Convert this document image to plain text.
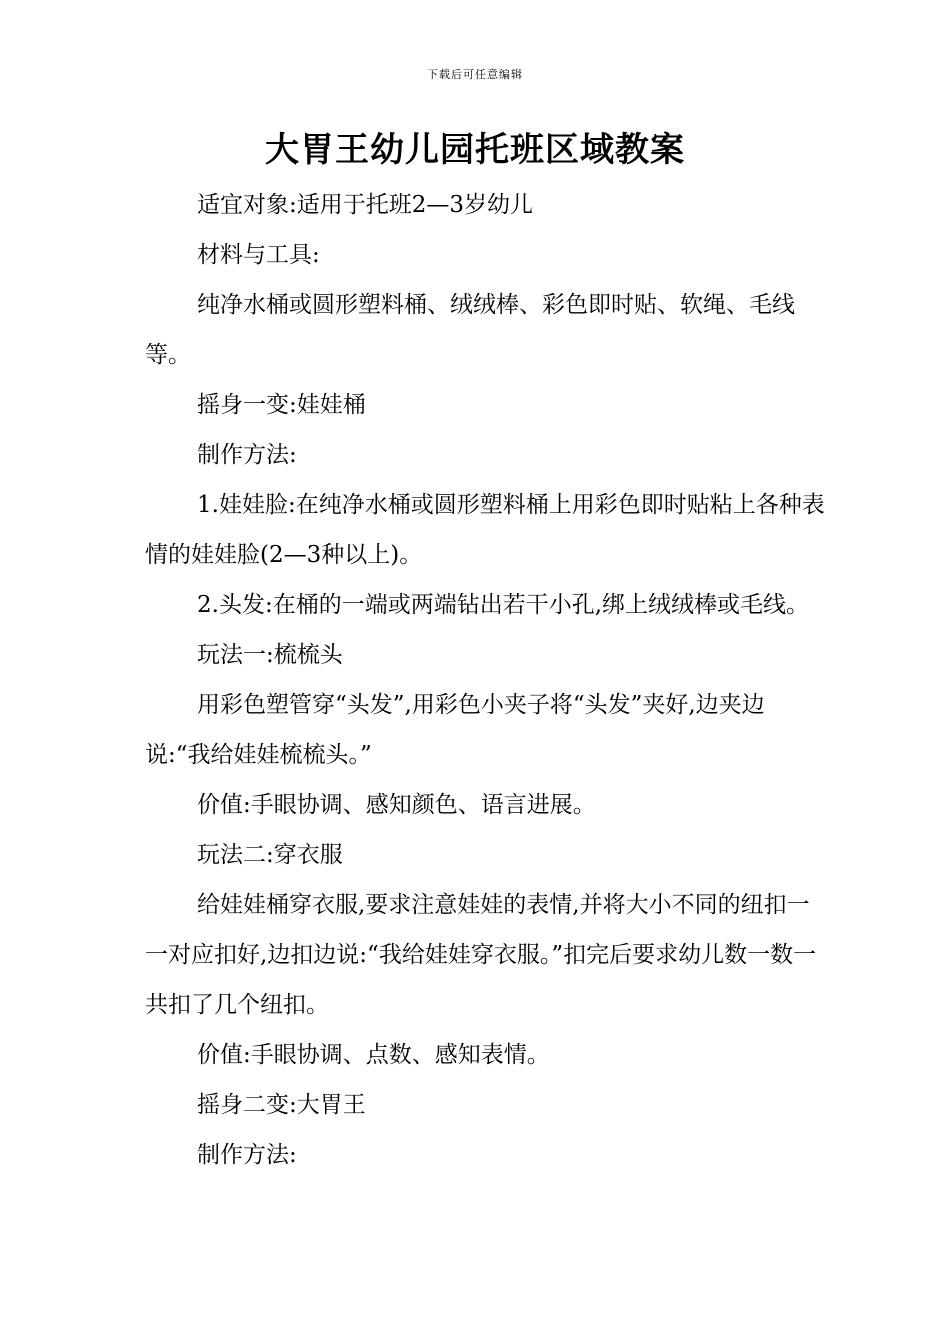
下载后可任意编辑
大胃王幼儿园托班区域教案

适宜对象:适用于托班2—3岁幼儿

材料与工具:

纯净水桶或圆形塑料桶、绒绒棒、彩色即时贴、软绳、毛线等。

摇身一变:娃娃桶

制作方法:

1.娃娃脸:在纯净水桶或圆形塑料桶上用彩色即时贴粘上各种表情的娃娃脸(2—3种以上)。

2.头发:在桶的一端或两端钻出若干小孔,绑上绒绒棒或毛线。

玩法一:梳梳头

用彩色塑管穿“头发”,用彩色小夹子将“头发”夹好,边夹边说:“我给娃娃梳梳头。”

价值:手眼协调、感知颜色、语言进展。

玩法二:穿衣服

给娃娃桶穿衣服,要求注意娃娃的表情,并将大小不同的纽扣一一对应扣好,边扣边说:“我给娃娃穿衣服。”扣完后要求幼儿数一数一共扣了几个纽扣。

价值:手眼协调、点数、感知表情。

摇身二变:大胃王

制作方法:
